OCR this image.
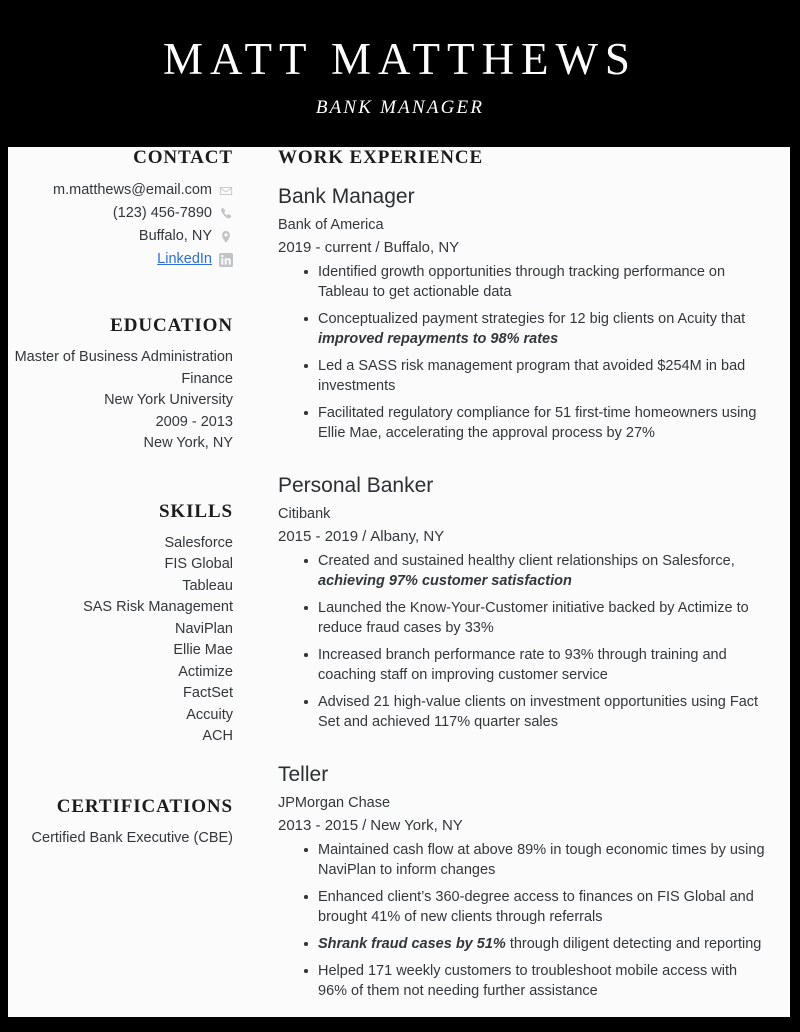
MATT MATTHEWS
BANK MANAGER
CONTACT
m.matthews@email.com
(123) 456-7890
Buffalo, NY
LinkedIn
EDUCATION
Master of Business Administration
Finance
New York University
2009 - 2013
New York, NY
SKILLS
Salesforce
FIS Global
Tableau
SAS Risk Management
NaviPlan
Ellie Mae
Actimize
FactSet
Accuity
ACH
CERTIFICATIONS
Certified Bank Executive (CBE)
WORK EXPERIENCE
Bank Manager
Bank of America
2019 - current / Buffalo, NY
Identified growth opportunities through tracking performance on Tableau to get actionable data
Conceptualized payment strategies for 12 big clients on Acuity that improved repayments to 98% rates
Led a SASS risk management program that avoided $254M in bad investments
Facilitated regulatory compliance for 51 first-time homeowners using Ellie Mae, accelerating the approval process by 27%
Personal Banker
Citibank
2015 - 2019 / Albany, NY
Created and sustained healthy client relationships on Salesforce, achieving 97% customer satisfaction
Launched the Know-Your-Customer initiative backed by Actimize to reduce fraud cases by 33%
Increased branch performance rate to 93% through training and coaching staff on improving customer service
Advised 21 high-value clients on investment opportunities using Fact Set and achieved 117% quarter sales
Teller
JPMorgan Chase
2013 - 2015 / New York, NY
Maintained cash flow at above 89% in tough economic times by using NaviPlan to inform changes
Enhanced client’s 360-degree access to finances on FIS Global and brought 41% of new clients through referrals
Shrank fraud cases by 51% through diligent detecting and reporting
Helped 171 weekly customers to troubleshoot mobile access with 96% of them not needing further assistance
